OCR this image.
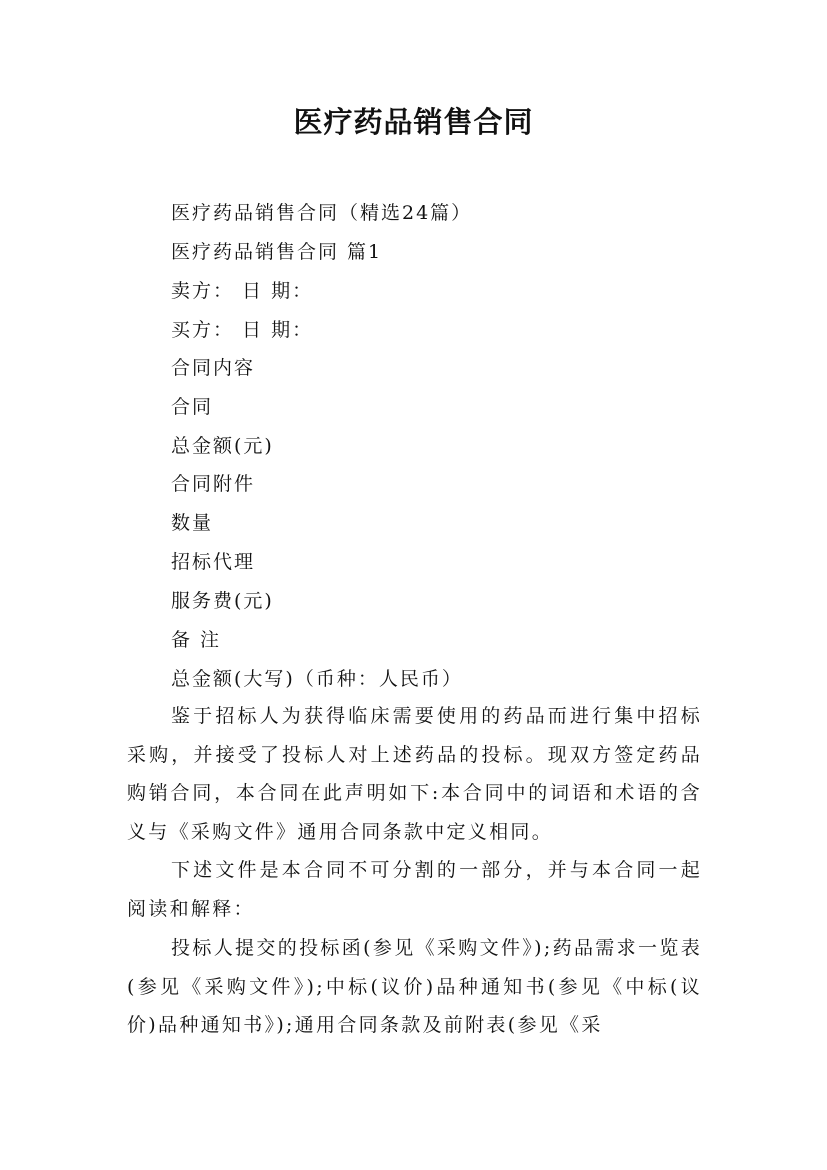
医疗药品销售合同
医疗药品销售合同（精选24篇）
医疗药品销售合同 篇1
卖方： 日 期：
买方： 日 期：
合同内容
合同
总金额(元)
合同附件
数量
招标代理
服务费(元)
备 注
总金额(大写)（币种：人民币）
鉴于招标人为获得临床需要使用的药品而进行集中招标采购，并接受了投标人对上述药品的投标。现双方签定药品购销合同，本合同在此声明如下:本合同中的词语和术语的含义与《采购文件》通用合同条款中定义相同。
下述文件是本合同不可分割的一部分，并与本合同一起阅读和解释：
投标人提交的投标函(参见《采购文件》);药品需求一览表(参见《采购文件》);中标(议价)品种通知书(参见《中标(议价)品种通知书》);通用合同条款及前附表(参见《采
